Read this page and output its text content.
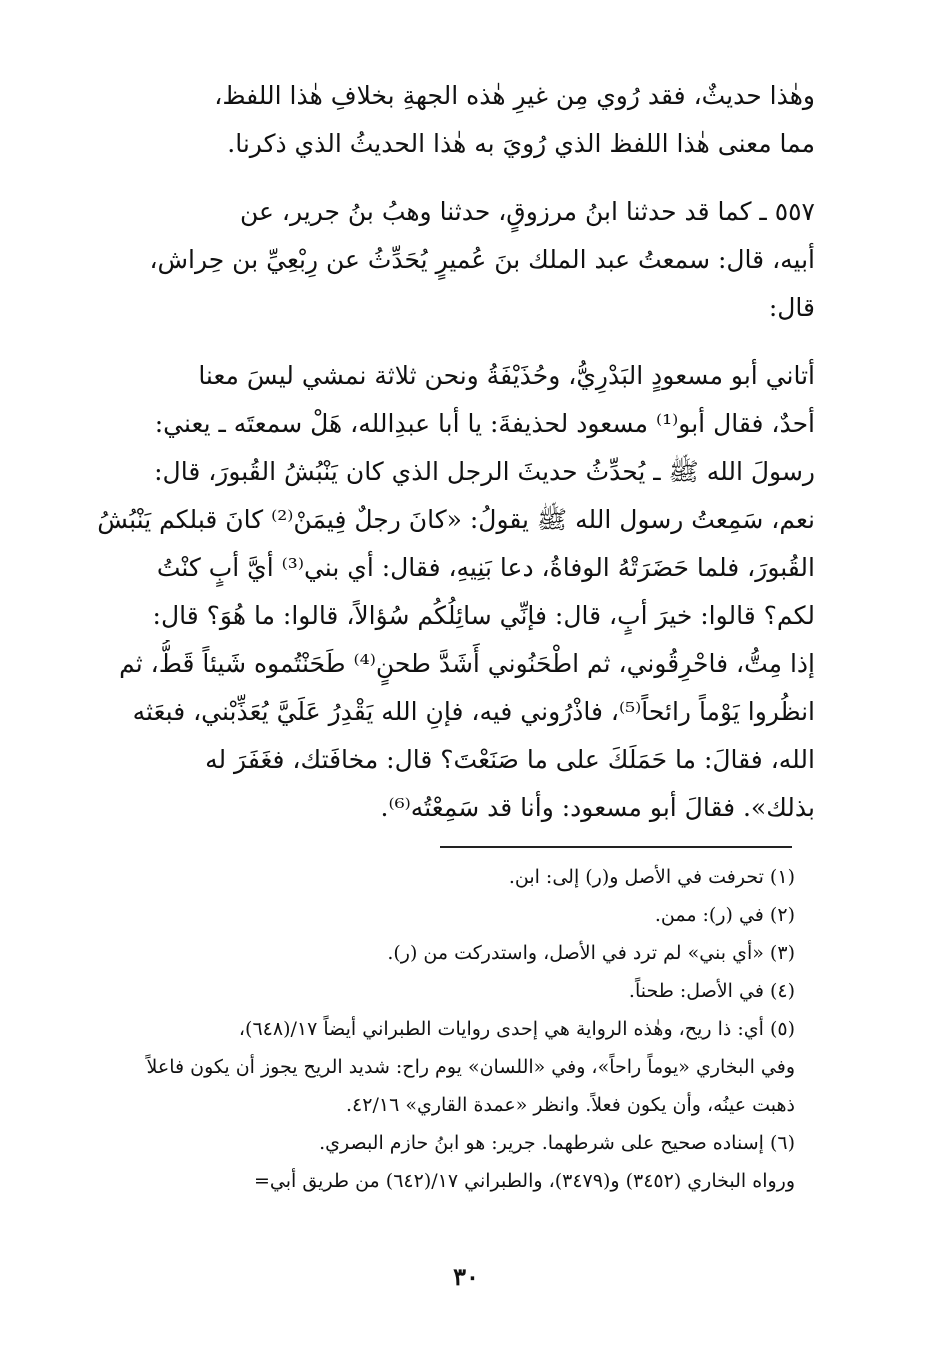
وهٰذا حديثٌ، فقد رُوي مِن غيرِ هٰذه الجهةِ بخلافِ هٰذا اللفظ،
مما معنى هٰذا اللفظ الذي رُويَ به هٰذا الحديثُ الذي ذكرنا.
٥٥٧ ـ كما قد حدثنا ابنُ مرزوقٍ، حدثنا وهبُ بنُ جرير، عن
أبيه، قال: سمعتُ عبد الملك بنَ عُميرٍ يُحَدِّثُ عن رِبْعِيِّ بن حِراش،
قال:
أتاني أبو مسعودٍ البَدْرِيُّ، وحُذَيْفَةُ ونحن ثلاثة نمشي ليسَ معنا
أحدٌ، فقال أبو⁽¹⁾ مسعود لحذيفةَ: يا أبا عبدِالله، هَلْ سمعتَه ـ يعني:
رسولَ الله ﷺ ـ يُحدِّثُ حديثَ الرجل الذي كان يَنْبُشُ القُبورَ، قال:
نعم، سَمِعتُ رسول الله ﷺ يقولُ: «كانَ رجلٌ فِيمَنْ⁽²⁾ كانَ قبلكم يَنْبُشُ
القُبورَ، فلما حَضَرَتْهُ الوفاةُ، دعا بَنِيهِ، فقال: أي بني⁽³⁾ أيَّ أبٍ كنْتُ
لكم؟ قالوا: خيرَ أبٍ، قال: فإنِّي سائِلُكُم سُؤالاً، قالوا: ما هُوَ؟ قال:
إذا مِتُّ، فاحْرِقُوني، ثم اطْحَنُوني أَشَدَّ طحنٍ⁽⁴⁾ طَحَنْتُموه شَيئاً قَطُّ، ثم
انظُروا يَوْماً رائحاً⁽⁵⁾، فاذْرُوني فيه، فإنِ الله يَقْدِرُ عَلَيَّ يُعَذِّبْني، فبعَثه
الله، فقالَ: ما حَمَلَكَ على ما صَنَعْتَ؟ قال: مخافَتك، فغَفَرَ له
بذلك». فقالَ أبو مسعود: وأنا قد سَمِعْتُه⁽⁶⁾.
(١) تحرفت في الأصل و(ر) إلى: ابن.
(٢) في (ر): ممن.
(٣) «أي بني» لم ترد في الأصل، واستدركت من (ر).
(٤) في الأصل: طحناً.
(٥) أي: ذا ريح، وهٰذه الرواية هي إحدى روايات الطبراني أيضاً ١٧/(٦٤٨)،
وفي البخاري «يوماً راحاً»، وفي «اللسان» يوم راح: شديد الريح يجوز أن يكون فاعلاً
ذهبت عينُه، وأن يكون فعلاً. وانظر «عمدة القاري» ٤٢/١٦.
(٦) إسناده صحيح على شرطهما. جرير: هو ابنُ حازم البصري.
ورواه البخاري (٣٤٥٢) و(٣٤٧٩)، والطبراني ١٧/(٦٤٢) من طريق أبي=
٣٠
